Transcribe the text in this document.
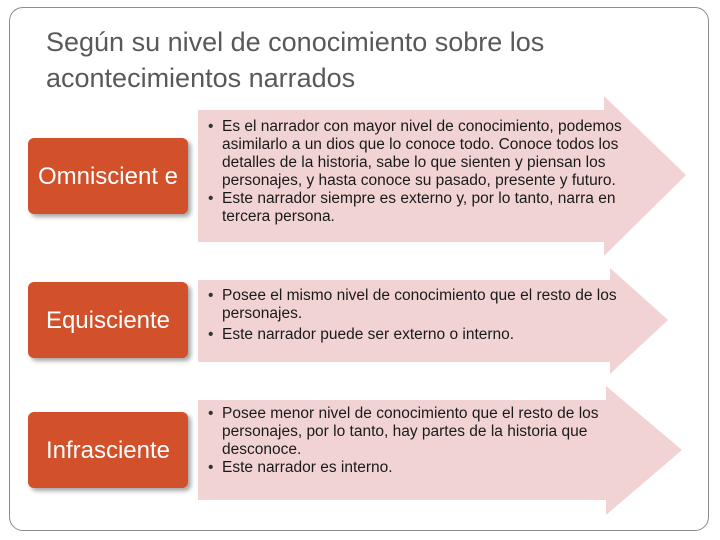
Según su nivel de conocimiento sobre los acontecimientos narrados
Omniscient e
• Es el narrador con mayor nivel de conocimiento, podemos asimilarlo a un dios que lo conoce todo. Conoce todos los detalles de la historia, sabe lo que sienten y piensan los personajes, y hasta conoce su pasado, presente y futuro.
• Este narrador siempre es externo y, por lo tanto, narra en tercera persona.
Equisciente
• Posee el mismo nivel de conocimiento que el resto de los personajes.
• Este narrador puede ser externo o interno.
Infrasciente
• Posee menor nivel de conocimiento que el resto de los personajes, por lo tanto, hay partes de la historia que desconoce.
• Este narrador es interno.
